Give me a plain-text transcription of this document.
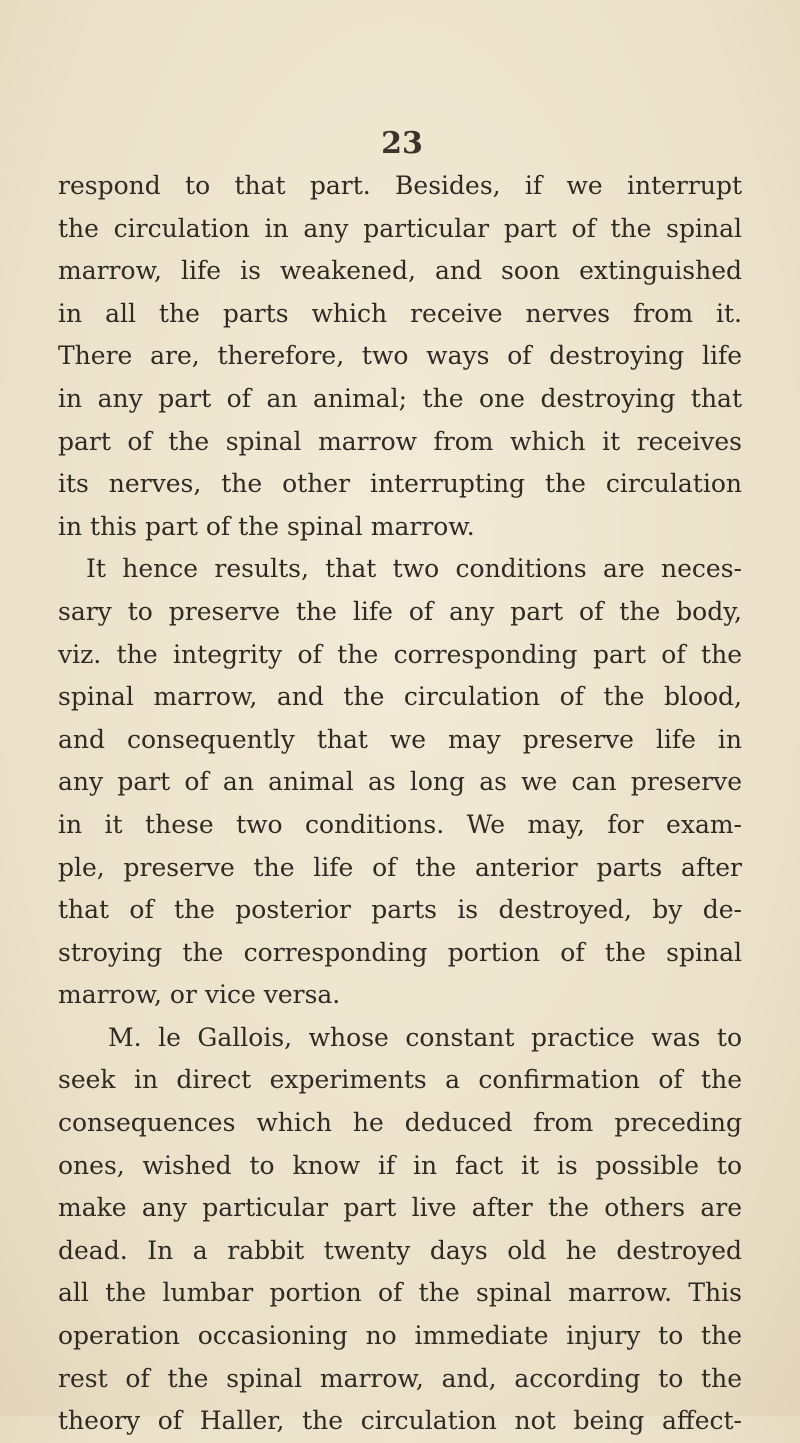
23
respond to that part. Besides, if we interrupt
the circulation in any particular part of the spinal
marrow, life is weakened, and soon extinguished
in all the parts which receive nerves from it.
There are, therefore, two ways of destroying life
in any part of an animal; the one destroying that
part of the spinal marrow from which it receives
its nerves, the other interrupting the circulation
in this part of the spinal marrow.
It hence results, that two conditions are neces-
sary to preserve the life of any part of the body,
viz. the integrity of the corresponding part of the
spinal marrow, and the circulation of the blood,
and consequently that we may preserve life in
any part of an animal as long as we can preserve
in it these two conditions. We may, for exam-
ple, preserve the life of the anterior parts after
that of the posterior parts is destroyed, by de-
stroying the corresponding portion of the spinal
marrow, or vice versa.
M. le Gallois, whose constant practice was to
seek in direct experiments a confirmation of the
consequences which he deduced from preceding
ones, wished to know if in fact it is possible to
make any particular part live after the others are
dead. In a rabbit twenty days old he destroyed
all the lumbar portion of the spinal marrow. This
operation occasioning no immediate injury to the
rest of the spinal marrow, and, according to the
theory of Haller, the circulation not being affect-
